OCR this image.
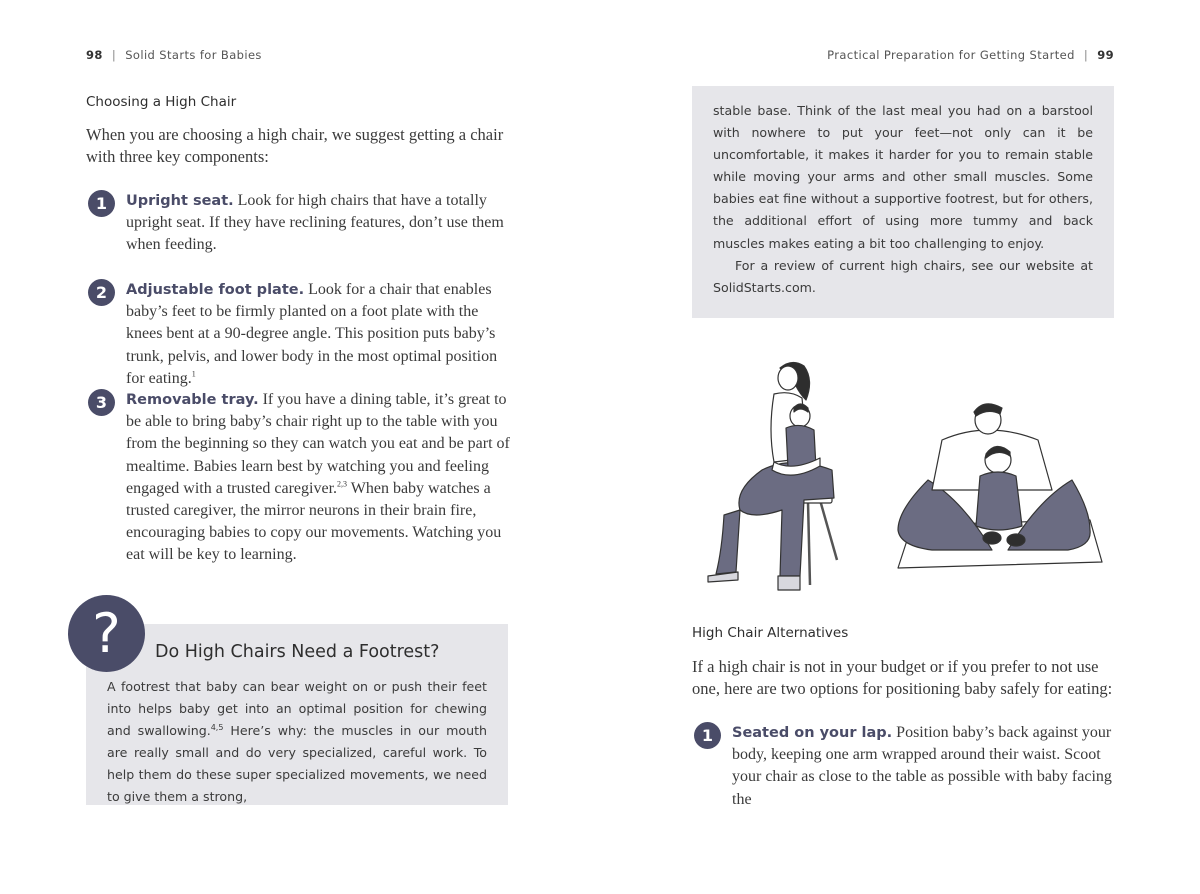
98 | Solid Starts for Babies	Practical Preparation for Getting Started | 99
Choosing a High Chair
When you are choosing a high chair, we suggest getting a chair with three key components:
1	Upright seat. Look for high chairs that have a totally upright seat. If they have reclining features, don’t use them when feeding.
2	Adjustable foot plate. Look for a chair that enables baby’s feet to be firmly planted on a foot plate with the knees bent at a 90-degree angle. This position puts baby’s trunk, pelvis, and lower body in the most optimal position for eating.$^1$
3	Removable tray. If you have a dining table, it’s great to be able to bring baby’s chair right up to the table with you from the beginning so they can watch you eat and be part of mealtime. Babies learn best by watching you and feeling engaged with a trusted caregiver.$^{2,3}$ When baby watches a trusted caregiver, the mirror neurons in their brain fire, encouraging babies to copy our movements. Watching you eat will be key to learning.
Do High Chairs Need a Footrest?
A footrest that baby can bear weight on or push their feet into helps baby get into an optimal position for chewing and swallowing.$^{4,5}$ Here’s why: the muscles in our mouth are really small and do very specialized, careful work. To help them do these super specialized movements, we need to give them a strong,
?
stable base. Think of the last meal you had on a barstool with nowhere to put your feet—not only can it be uncomfortable, it makes it harder for you to remain stable while moving your arms and other small muscles. Some babies eat fine without a supportive footrest, but for others, the additional effort of using more tummy and back muscles makes eating a bit too challenging to enjoy.
For a review of current high chairs, see our website at SolidStarts.com.
High Chair Alternatives
If a high chair is not in your budget or if you prefer to not use one, here are two options for positioning baby safely for eating:
1	Seated on your lap. Position baby’s back against your body, keeping one arm wrapped around their waist. Scoot your chair as close to the table as possible with baby facing the
